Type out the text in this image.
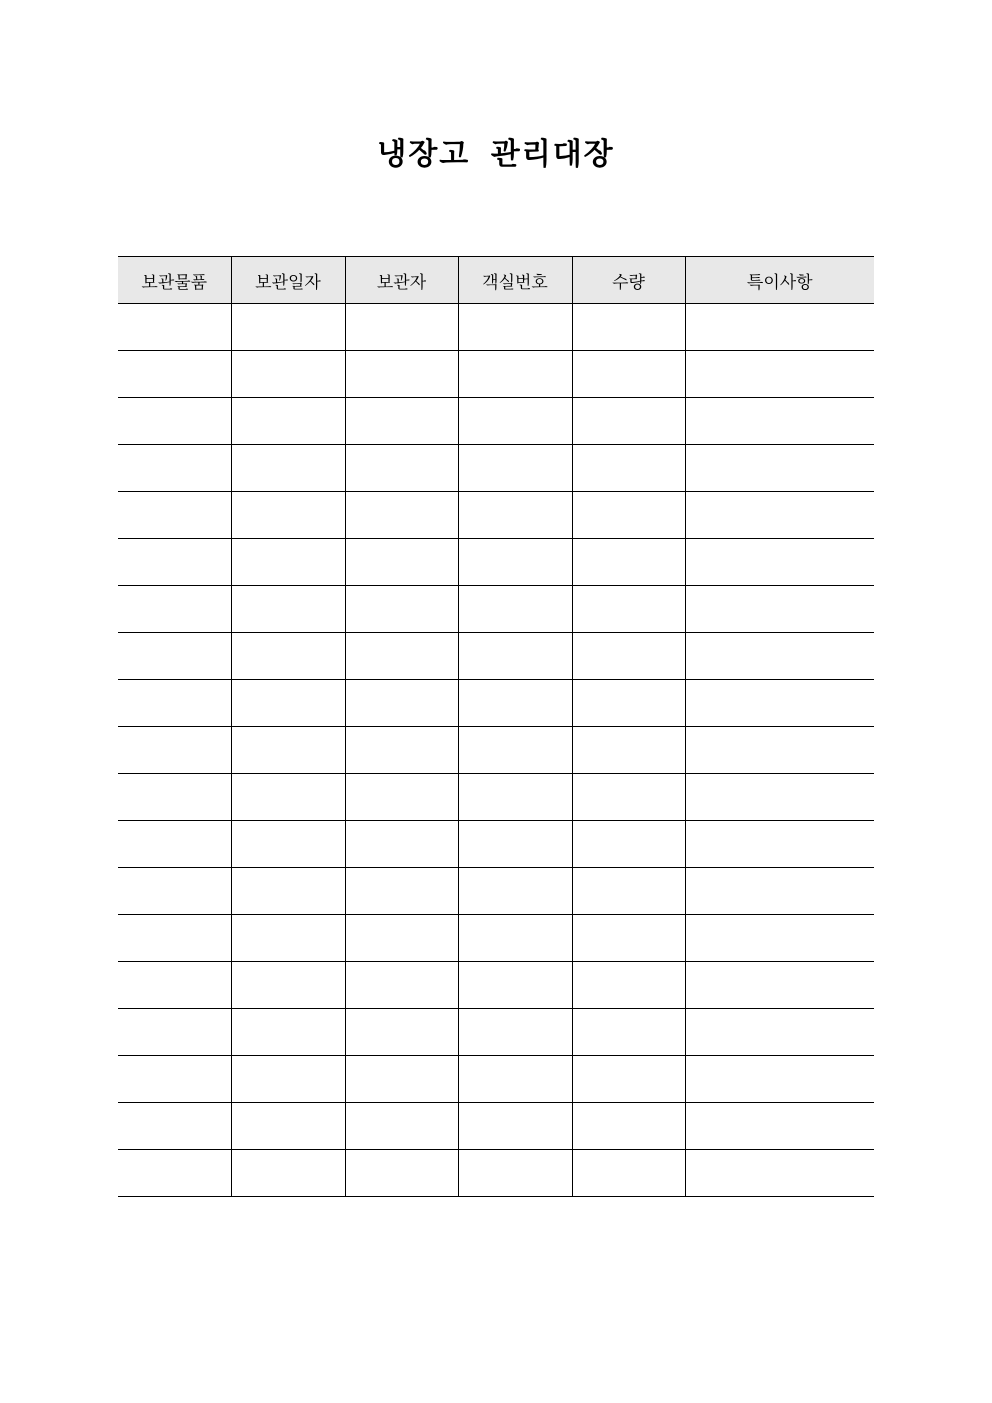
냉장고 관리대장
보관물품	보관일자	보관자	객실번호	수량	특이사항
